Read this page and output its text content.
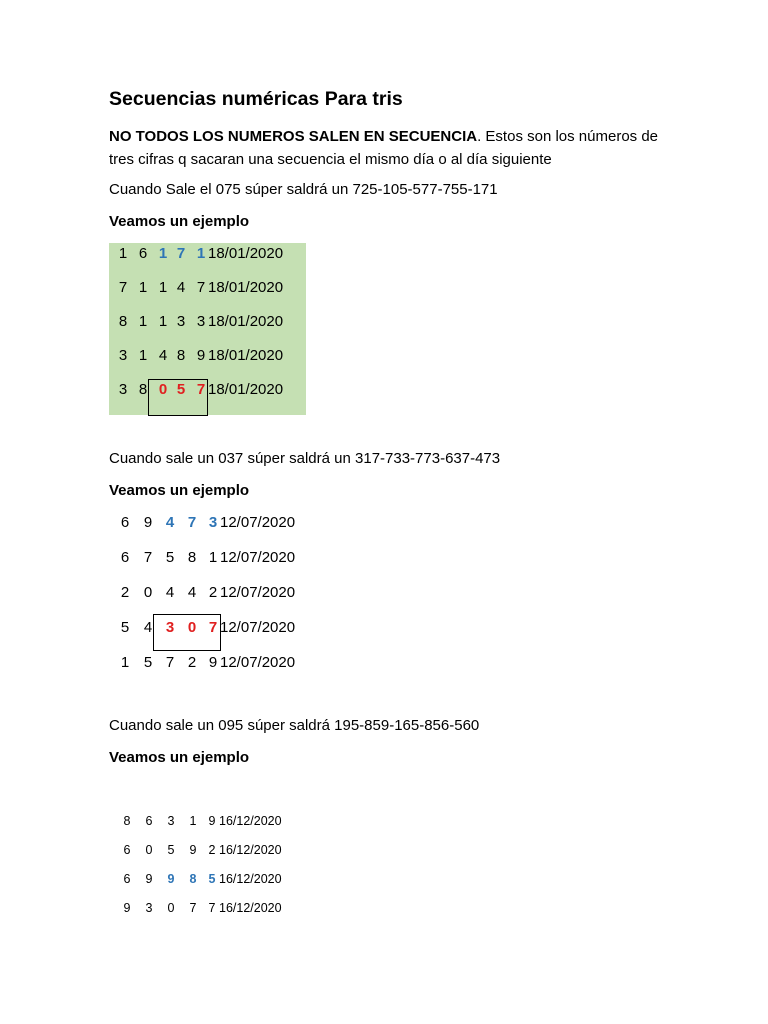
Secuencias numéricas Para tris
NO TODOS LOS NUMEROS SALEN EN SECUENCIA. Estos son los números de tres cifras q sacaran una secuencia el mismo día o al día siguiente
Cuando Sale el 075 súper saldrá un 725-105-577-755-171
Veamos un ejemplo
1 6 1 7 1 18/01/2020
7 1 1 4 7 18/01/2020
8 1 1 3 3 18/01/2020
3 1 4 8 9 18/01/2020
3 8 0 5 7 18/01/2020
Cuando sale un 037 súper saldrá un 317-733-773-637-473
Veamos un ejemplo
6 9 4 7 3 12/07/2020
6 7 5 8 1 12/07/2020
2 0 4 4 2 12/07/2020
5 4 3 0 7 12/07/2020
1 5 7 2 9 12/07/2020
Cuando sale un 095 súper saldrá 195-859-165-856-560
Veamos un ejemplo
8 6 3 1 9 16/12/2020
6 0 5 9 2 16/12/2020
6 9 9 8 5 16/12/2020
9 3 0 7 7 16/12/2020
